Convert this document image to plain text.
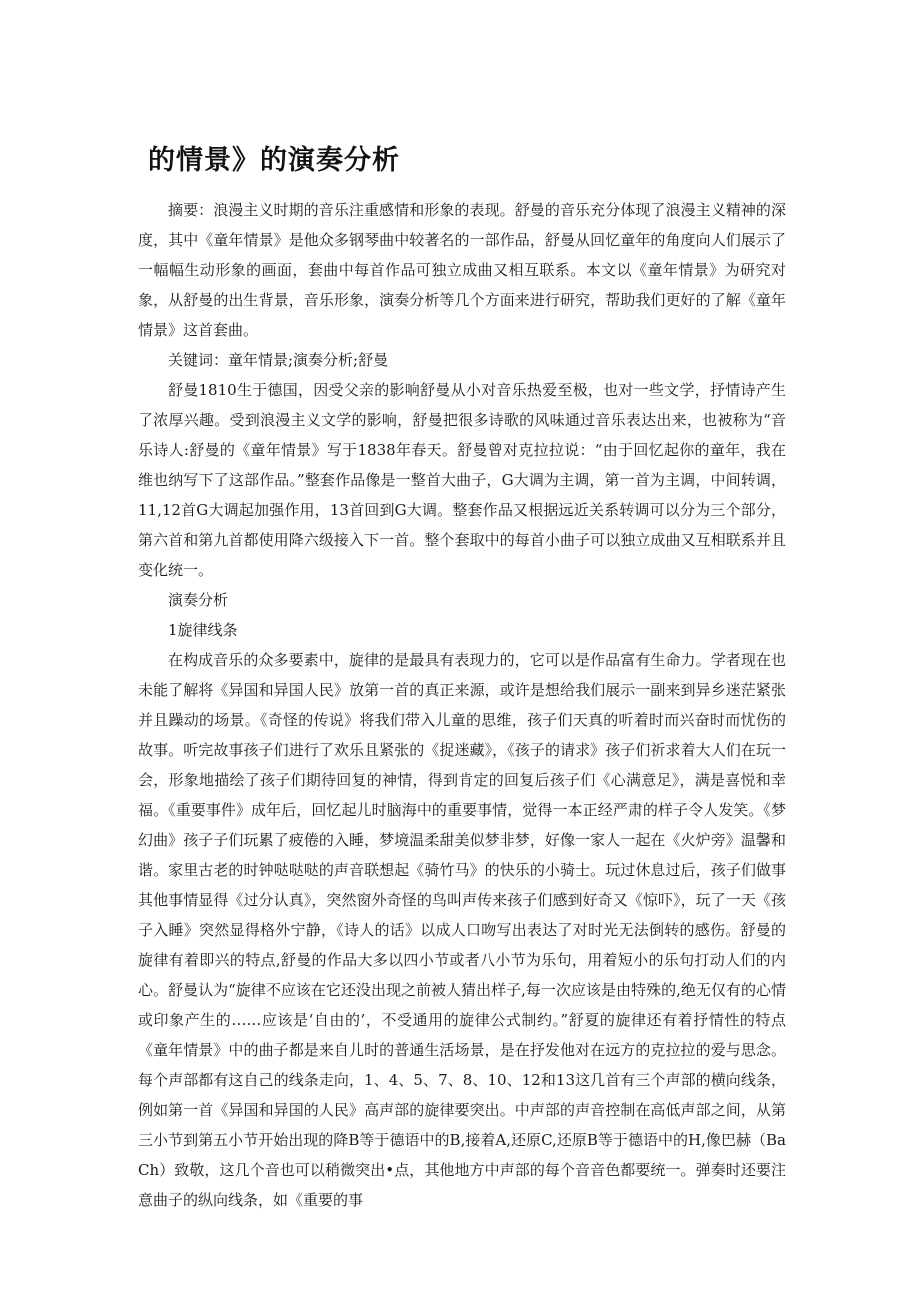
的情景》的演奏分析

摘要：浪漫主义时期的音乐注重感情和形象的表现。舒曼的音乐充分体现了浪漫主义精神的深度，其中《童年情景》是他众多钢琴曲中较著名的一部作品，舒曼从回忆童年的角度向人们展示了一幅幅生动形象的画面，套曲中每首作品可独立成曲又相互联系。本文以《童年情景》为研究对象，从舒曼的出生背景，音乐形象，演奏分析等几个方面来进行研究，帮助我们更好的了解《童年情景》这首套曲。

关键词：童年情景;演奏分析;舒曼

舒曼1810生于德国，因受父亲的影响舒曼从小对音乐热爱至极，也对一些文学，抒情诗产生了浓厚兴趣。受到浪漫主义文学的影响，舒曼把很多诗歌的风味通过音乐表达出来，也被称为“音乐诗人:舒曼的《童年情景》写于1838年春天。舒曼曾对克拉拉说：“由于回忆起你的童年，我在维也纳写下了这部作品。”整套作品像是一整首大曲子，G大调为主调，第一首为主调，中间转调，11,12首G大调起加强作用，13首回到G大调。整套作品又根据远近关系转调可以分为三个部分，第六首和第九首都使用降六级接入下一首。整个套取中的每首小曲子可以独立成曲又互相联系并且变化统一。

演奏分析

1旋律线条

在构成音乐的众多要素中，旋律的是最具有表现力的，它可以是作品富有生命力。学者现在也未能了解将《异国和异国人民》放第一首的真正来源，或许是想给我们展示一副来到异乡迷茫紧张并且躁动的场景。《奇怪的传说》将我们带入儿童的思维，孩子们天真的听着时而兴奋时而忧伤的故事。听完故事孩子们进行了欢乐且紧张的《捉迷藏》，《孩子的请求》孩子们祈求着大人们在玩一会，形象地描绘了孩子们期待回复的神情，得到肯定的回复后孩子们《心满意足》，满是喜悦和幸福。《重要事件》成年后，回忆起儿时脑海中的重要事情，觉得一本正经严肃的样子令人发笑。《梦幻曲》孩子子们玩累了疲倦的入睡，梦境温柔甜美似梦非梦，好像一家人一起在《火炉旁》温馨和谐。家里古老的时钟哒哒哒的声音联想起《骑竹马》的快乐的小骑士。玩过休息过后，孩子们做事其他事情显得《过分认真》，突然窗外奇怪的鸟叫声传来孩子们感到好奇又《惊吓》，玩了一天《孩子入睡》突然显得格外宁静，《诗人的话》以成人口吻写出表达了对时光无法倒转的感伤。舒曼的旋律有着即兴的特点,舒曼的作品大多以四小节或者八小节为乐句，用着短小的乐句打动人们的内心。舒曼认为“旋律不应该在它还没出现之前被人猜出样子,每一次应该是由特殊的,绝无仅有的心情或印象产生的……应该是‘自由的’，不受通用的旋律公式制约。”舒夏的旋律还有着抒情性的特点《童年情景》中的曲子都是来自儿时的普通生活场景，是在抒发他对在远方的克拉拉的爱与思念。每个声部都有这自己的线条走向，1、4、5、7、8、10、12和13这几首有三个声部的横向线条，例如第一首《异国和异国的人民》高声部的旋律要突出。中声部的声音控制在高低声部之间，从第三小节到第五小节开始出现的降B等于德语中的B,接着A,还原C,还原B等于德语中的H,像巴赫（BaCh）致敬，这几个音也可以稍微突出•点，其他地方中声部的每个音音色都要统一。弹奏时还要注意曲子的纵向线条，如《重要的事
